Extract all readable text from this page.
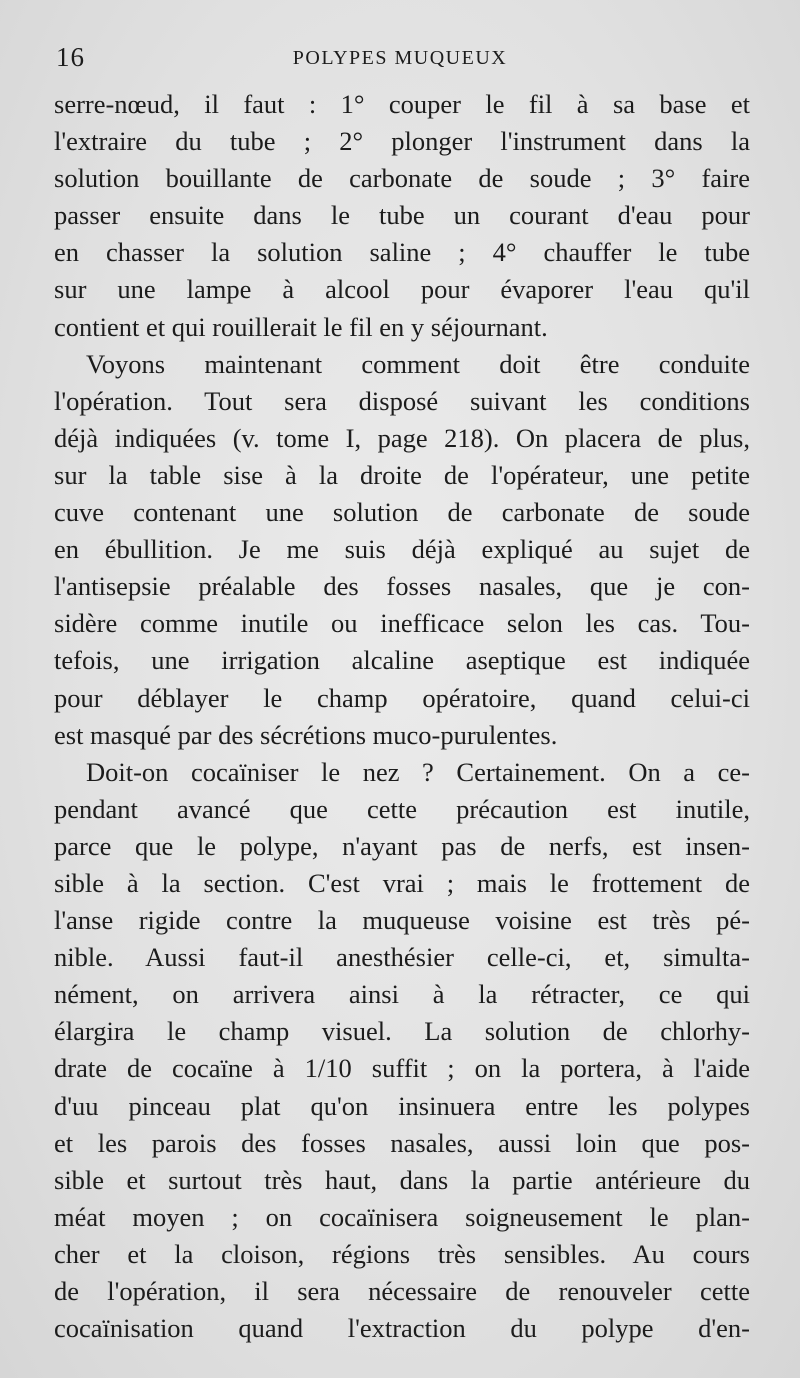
16	POLYPES MUQUEUX
serre-nœud, il faut : 1° couper le fil à sa base et
l'extraire du tube ; 2° plonger l'instrument dans la
solution bouillante de carbonate de soude ; 3° faire
passer ensuite dans le tube un courant d'eau pour
en chasser la solution saline ; 4° chauffer le tube
sur une lampe à alcool pour évaporer l'eau qu'il
contient et qui rouillerait le fil en y séjournant.
Voyons maintenant comment doit être conduite
l'opération. Tout sera disposé suivant les conditions
déjà indiquées (v. tome I, page 218). On placera de plus,
sur la table sise à la droite de l'opérateur, une petite
cuve contenant une solution de carbonate de soude
en ébullition. Je me suis déjà expliqué au sujet de
l'antisepsie préalable des fosses nasales, que je con-
sidère comme inutile ou inefficace selon les cas. Tou-
tefois, une irrigation alcaline aseptique est indiquée
pour déblayer le champ opératoire, quand celui-ci
est masqué par des sécrétions muco-purulentes.
Doit-on cocaïniser le nez ? Certainement. On a ce-
pendant avancé que cette précaution est inutile,
parce que le polype, n'ayant pas de nerfs, est insen-
sible à la section. C'est vrai ; mais le frottement de
l'anse rigide contre la muqueuse voisine est très pé-
nible. Aussi faut-il anesthésier celle-ci, et, simulta-
nément, on arrivera ainsi à la rétracter, ce qui
élargira le champ visuel. La solution de chlorhy-
drate de cocaïne à 1/10 suffit ; on la portera, à l'aide
d'uu pinceau plat qu'on insinuera entre les polypes
et les parois des fosses nasales, aussi loin que pos-
sible et surtout très haut, dans la partie antérieure du
méat moyen ; on cocaïnisera soigneusement le plan-
cher et la cloison, régions très sensibles. Au cours
de l'opération, il sera nécessaire de renouveler cette
cocaïnisation quand l'extraction du polype d'en-
